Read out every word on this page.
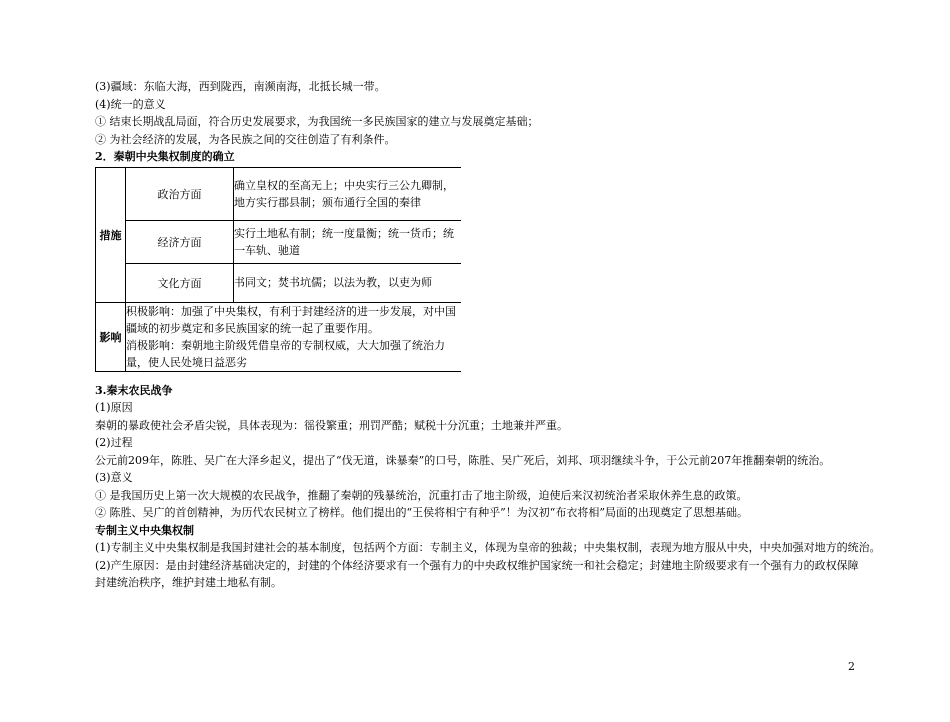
(3)疆域：东临大海，西到陇西，南濒南海，北抵长城一带。
(4)统一的意义
① 结束长期战乱局面，符合历史发展要求，为我国统一多民族国家的建立与发展奠定基础；
② 为社会经济的发展，为各民族之间的交往创造了有利条件。
2．秦朝中央集权制度的确立
措施	政治方面	确立皇权的至高无上；中央实行三公九卿制，地方实行郡县制；颁布通行全国的秦律
	经济方面	实行土地私有制；统一度量衡；统一货币；统一车轨、驰道
	文化方面	书同文；焚书坑儒；以法为教，以吏为师
影响	积极影响：加强了中央集权，有利于封建经济的进一步发展，对中国疆域的初步奠定和多民族国家的统一起了重要作用。
消极影响：秦朝地主阶级凭借皇帝的专制权威，大大加强了统治力量，使人民处境日益恶劣	
3.秦末农民战争
(1)原因
秦朝的暴政使社会矛盾尖锐，具体表现为：徭役繁重；刑罚严酷；赋税十分沉重；土地兼并严重。
(2)过程
公元前209年，陈胜、吴广在大泽乡起义，提出了“伐无道，诛暴秦”的口号，陈胜、吴广死后，刘邦、项羽继续斗争，于公元前207年推翻秦朝的统治。
(3)意义
① 是我国历史上第一次大规模的农民战争，推翻了秦朝的残暴统治，沉重打击了地主阶级，迫使后来汉初统治者采取休养生息的政策。
② 陈胜、吴广的首创精神，为历代农民树立了榜样。他们提出的“王侯将相宁有种乎”！为汉初“布衣将相”局面的出现奠定了思想基础。
专制主义中央集权制
(1)专制主义中央集权制是我国封建社会的基本制度，包括两个方面：专制主义，体现为皇帝的独裁；中央集权制，表现为地方服从中央，中央加强对地方的统治。
(2)产生原因：是由封建经济基础决定的，封建的个体经济要求有一个强有力的中央政权维护国家统一和社会稳定；封建地主阶级要求有一个强有力的政权保障
封建统治秩序，维护封建土地私有制。
2
